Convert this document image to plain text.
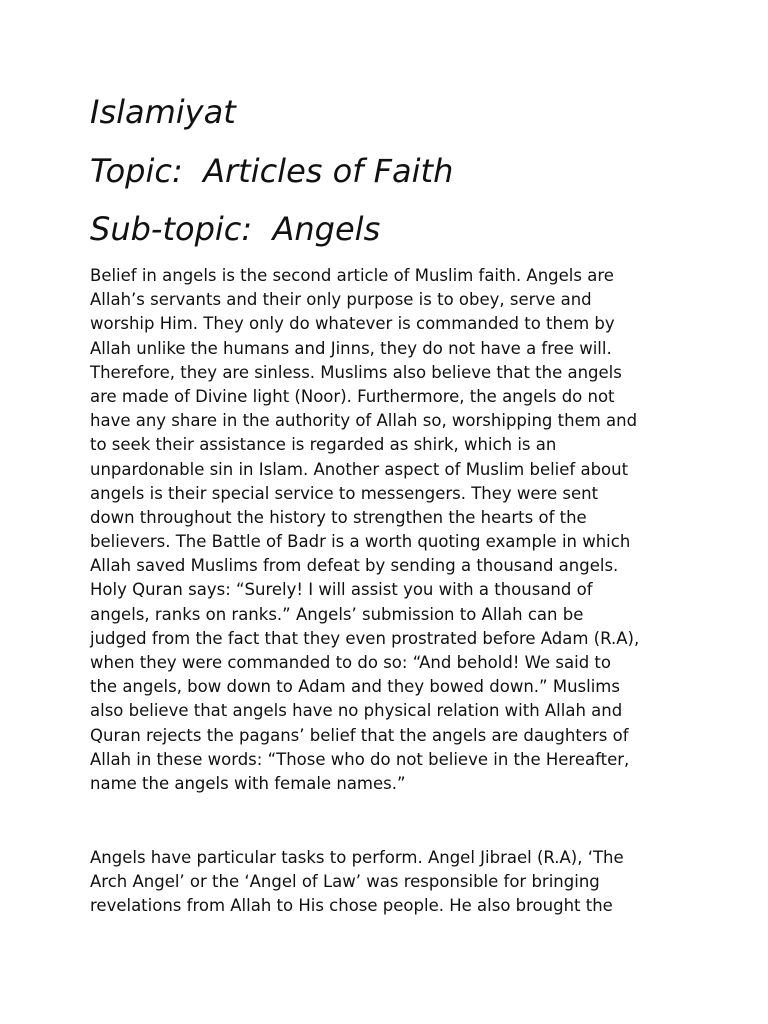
Islamiyat
Topic:  Articles of Faith
Sub-topic:  Angels
Belief in angels is the second article of Muslim faith. Angels are
Allah’s servants and their only purpose is to obey, serve and
worship Him. They only do whatever is commanded to them by
Allah unlike the humans and Jinns, they do not have a free will.
Therefore, they are sinless. Muslims also believe that the angels
are made of Divine light (Noor). Furthermore, the angels do not
have any share in the authority of Allah so, worshipping them and
to seek their assistance is regarded as shirk, which is an
unpardonable sin in Islam. Another aspect of Muslim belief about
angels is their special service to messengers. They were sent
down throughout the history to strengthen the hearts of the
believers. The Battle of Badr is a worth quoting example in which
Allah saved Muslims from defeat by sending a thousand angels.
Holy Quran says: “Surely! I will assist you with a thousand of
angels, ranks on ranks.” Angels’ submission to Allah can be
judged from the fact that they even prostrated before Adam (R.A),
when they were commanded to do so: “And behold! We said to
the angels, bow down to Adam and they bowed down.” Muslims
also believe that angels have no physical relation with Allah and
Quran rejects the pagans’ belief that the angels are daughters of
Allah in these words: “Those who do not believe in the Hereafter,
name the angels with female names.”
Angels have particular tasks to perform. Angel Jibrael (R.A), ‘The
Arch Angel’ or the ‘Angel of Law’ was responsible for bringing
revelations from Allah to His chose people. He also brought the
